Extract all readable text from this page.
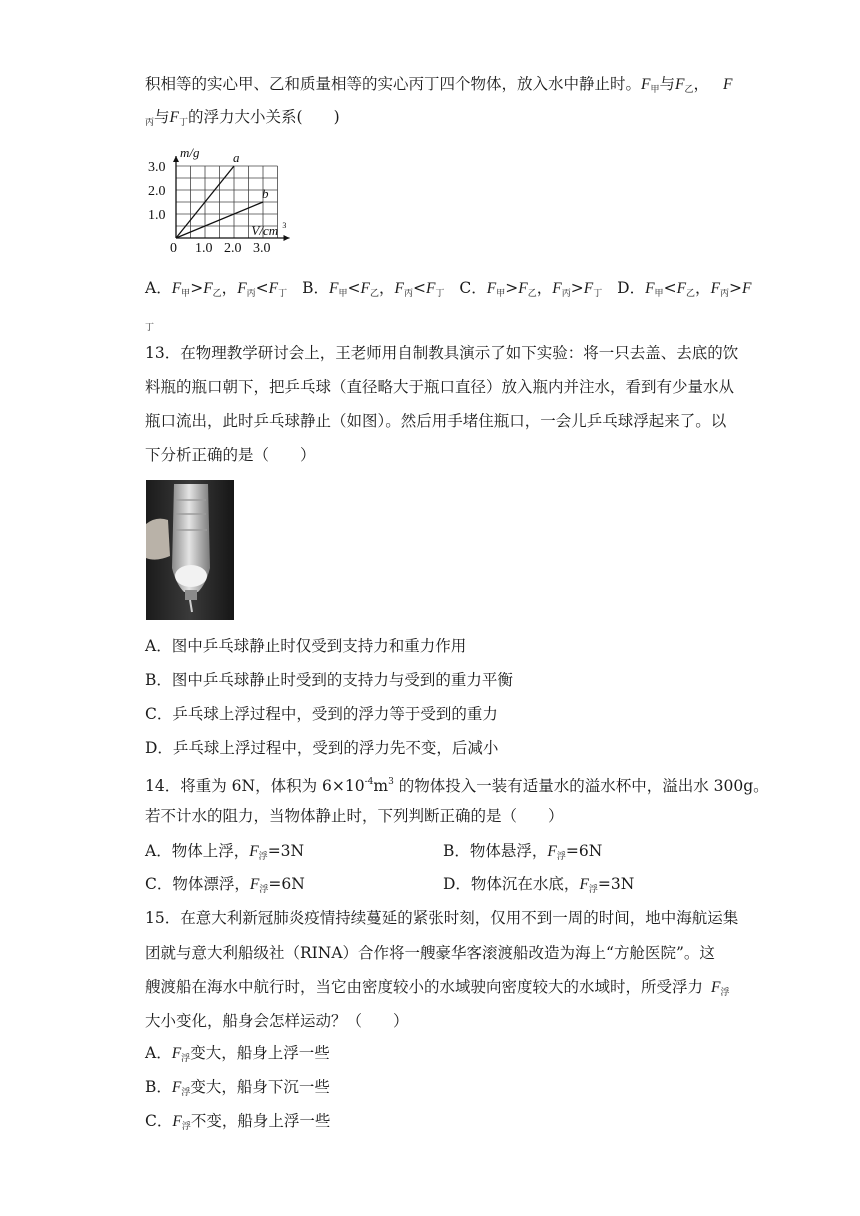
积相等的实心甲、乙和质量相等的实心丙丁四个物体，放入水中静止时。$F_甲$与$F_乙$， F
$_丙$与$F_丁$的浮力大小关系(　　)
a
b
0 1.0 2.0 3.0
1.0
2.0
3.0
m/g
V/cm 3
A．$F_甲>F_乙$，$F_丙<F_丁$ B．$F_甲<F_乙$，$F_丙<F_丁$ C．$F_甲>F_乙$，$F_丙>F_丁$ D．$F_甲<F_乙$，$F_丙>F$
$_丁$
13．在物理教学研讨会上，王老师用自制教具演示了如下实验：将一只去盖、去底的饮
料瓶的瓶口朝下，把乒乓球（直径略大于瓶口直径）放入瓶内并注水，看到有少量水从
瓶口流出，此时乒乓球静止（如图）。然后用手堵住瓶口，一会儿乒乓球浮起来了。以
下分析正确的是（　　）
A．图中乒乓球静止时仅受到支持力和重力作用
B．图中乒乓球静止时受到的支持力与受到的重力平衡
C．乒乓球上浮过程中，受到的浮力等于受到的重力
D．乒乓球上浮过程中，受到的浮力先不变，后减小
14．将重为 6N，体积为 $6\times 10^{-4}m^3$ 的物体投入一装有适量水的溢水杯中，溢出水 300g。
若不计水的阻力，当物体静止时，下列判断正确的是（　　）
A．物体上浮，$F_浮=3N$	B．物体悬浮，$F_浮=6N$
C．物体漂浮，$F_浮=6N$	D．物体沉在水底，$F_浮=3N$
15．在意大利新冠肺炎疫情持续蔓延的紧张时刻，仅用不到一周的时间，地中海航运集
团就与意大利船级社（RINA）合作将一艘豪华客滚渡船改造为海上“方舱医院”。这
艘渡船在海水中航行时，当它由密度较小的水域驶向密度较大的水域时，所受浮力 $F_浮$
大小变化，船身会怎样运动？（　　）
A．$F_浮$变大，船身上浮一些
B．$F_浮$变大，船身下沉一些
C．$F_浮$不变，船身上浮一些
